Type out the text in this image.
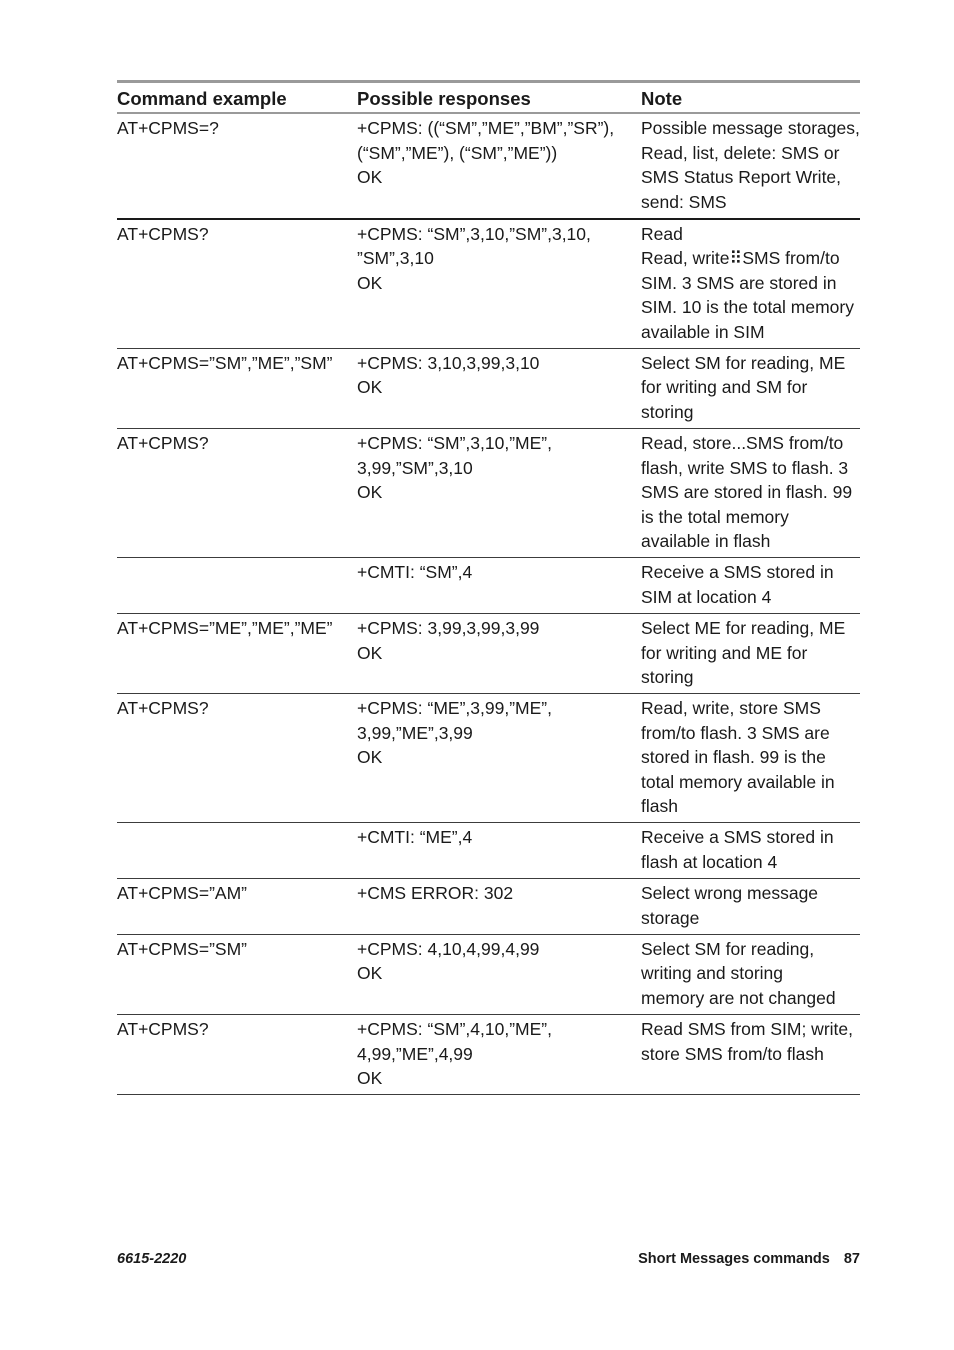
Command example	Possible responses	Note

AT+CPMS=?	+CPMS: ((“SM”,”ME”,”BM”,”SR”),
(“SM”,”ME”), (“SM”,”ME”))
OK	Possible message storages,
Read, list, delete: SMS or
SMS Status Report Write,
send: SMS

AT+CPMS?	+CPMS: “SM”,3,10,”SM”,3,10,
”SM”,3,10
OK	Read
Read, write⠿SMS from/to
SIM. 3 SMS are stored in
SIM. 10 is the total memory
available in SIM

AT+CPMS=”SM”,”ME”,”SM”	+CPMS: 3,10,3,99,3,10
OK	Select SM for reading, ME
for writing and SM for
storing

AT+CPMS?	+CPMS: “SM”,3,10,”ME”,
3,99,”SM”,3,10
OK	Read, store...SMS from/to
flash, write SMS to flash. 3
SMS are stored in flash. 99
is the total memory
available in flash

	+CMTI: “SM”,4	Receive a SMS stored in
SIM at location 4

AT+CPMS=”ME”,”ME”,”ME”	+CPMS: 3,99,3,99,3,99
OK	Select ME for reading, ME
for writing and ME for
storing

AT+CPMS?	+CPMS: “ME”,3,99,”ME”,
3,99,”ME”,3,99
OK	Read, write, store SMS
from/to flash. 3 SMS are
stored in flash. 99 is the
total memory available in
flash

	+CMTI: “ME”,4	Receive a SMS stored in
flash at location 4

AT+CPMS=”AM”	+CMS ERROR: 302	Select wrong message
storage

AT+CPMS=”SM”	+CPMS: 4,10,4,99,4,99
OK	Select SM for reading,
writing and storing
memory are not changed

AT+CPMS?	+CPMS: “SM”,4,10,”ME”,
4,99,”ME”,4,99
OK	Read SMS from SIM; write,
store SMS from/to flash
6615-2220	Short Messages commands 87
